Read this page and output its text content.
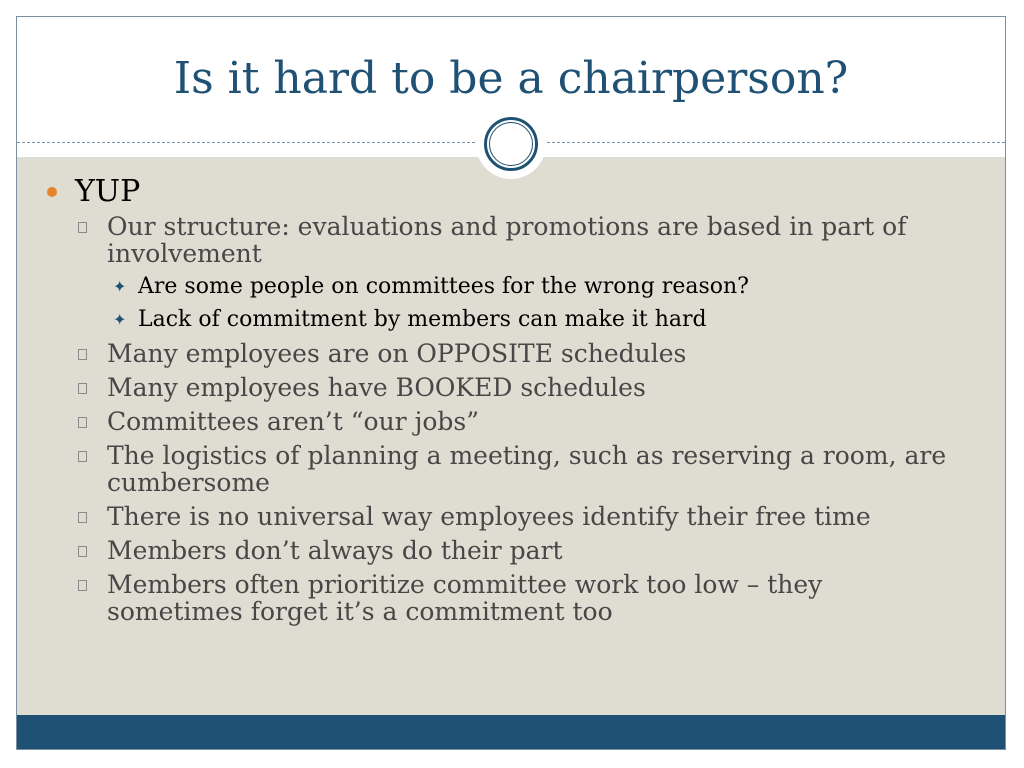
Is it hard to be a chairperson?
YUP
Our structure: evaluations and promotions are based in part of involvement
✦ Are some people on committees for the wrong reason?
✦ Lack of commitment by members can make it hard
Many employees are on OPPOSITE schedules
Many employees have BOOKED schedules
Committees aren’t “our jobs”
The logistics of planning a meeting, such as reserving a room, are cumbersome
There is no universal way employees identify their free time
Members don’t always do their part
Members often prioritize committee work too low – they sometimes forget it’s a commitment too
